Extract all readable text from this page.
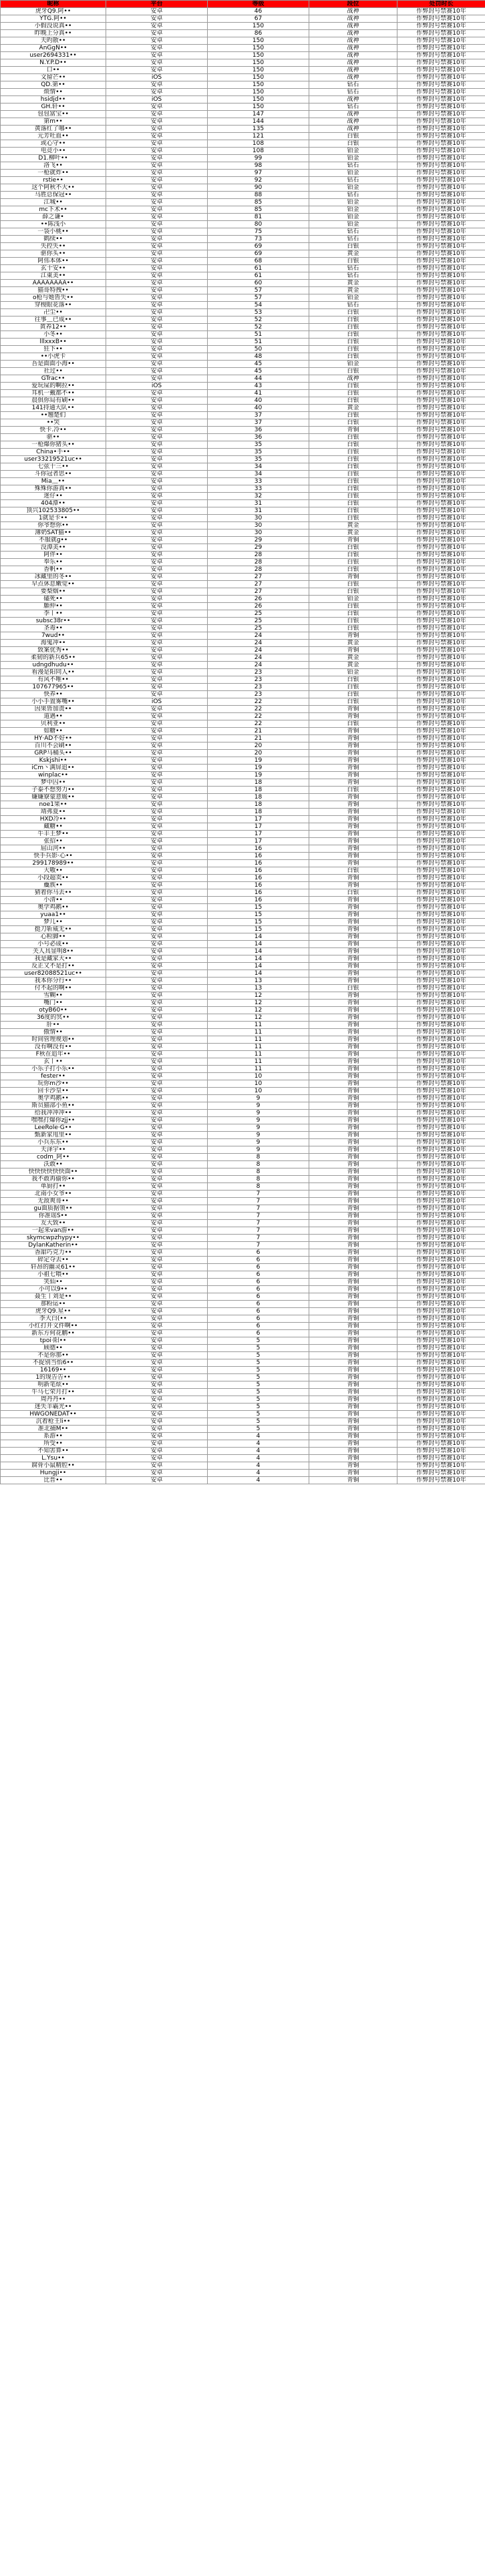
昵称	平台	等级	段位	处罚时长
虎牙Q9.阿••	安卓	46	战神	作弊封号禁赛10年
YTG.阿••	安卓	67	战神	作弊封号禁赛10年
小假没说真••	安卓	150	战神	作弊封号禁赛10年
昨晚上分真••	安卓	86	战神	作弊封号禁赛10年
天旳散••	安卓	150	战神	作弊封号禁赛10年
AnGgN••	安卓	150	战神	作弊封号禁赛10年
user2694331••	安卓	150	战神	作弊封号禁赛10年
N.Y.P.D••	安卓	150	战神	作弊封号禁赛10年
口••	安卓	150	战神	作弊封号禁赛10年
文留芒••	iOS	150	战神	作弊封号禁赛10年
QD.第••	安卓	150	钻石	作弊封号禁赛10年
烦情••	安卓	150	钻石	作弊封号禁赛10年
hsidjd••	iOS	150	战神	作弊封号禁赛10年
GH.轩••	安卓	150	钻石	作弊封号禁赛10年
包包富宝••	安卓	147	战神	作弊封号禁赛10年
第m••	安卓	144	战神	作弊封号禁赛10年
黄落红了哪••	安卓	135	战神	作弊封号禁赛10年
元芳吐血••	安卓	121	白银	作弊封号禁赛10年
或心守••	安卓	108	白银	作弊封号禁赛10年
电竞小••	安卓	108	铂金	作弊封号禁赛10年
D1.柳叶••	安卓	99	铂金	作弊封号禁赛10年
洛飞••	安卓	98	钻石	作弊封号禁赛10年
一枪就炸••	安卓	97	铂金	作弊封号禁赛10年
rstie••	安卓	92	钻石	作弊封号禁赛10年
这个阿秋不大••	安卓	90	铂金	作弊封号禁赛10年
马胜总保冠••	安卓	88	钻石	作弊封号禁赛10年
江城••	安卓	85	铂金	作弊封号禁赛10年
mc下术••	安卓	85	铂金	作弊封号禁赛10年
薛之谦•	安卓	81	铂金	作弊封号禁赛10年
••陈浅小	安卓	80	铂金	作弊封号禁赛10年
一袋小桃••	安卓	75	钻石	作弊封号禁赛10年
鹤续••	安卓	73	钻石	作弊封号禁赛10年
失控失••	安卓	69	白银	作弊封号禁赛10年
驱你头••	安卓	69	黄金	作弊封号禁赛10年
阿伟本体••	安卓	68	白银	作弊封号禁赛10年
玄十安••	安卓	61	钻石	作弊封号禁赛10年
江東美••	安卓	61	钻石	作弊封号禁赛10年
AAAAAAAA••	安卓	60	黄金	作弊封号禁赛10年
猫哥特拽••	安卓	57	黄金	作弊封号禁赛10年
o枪与她皆失••	安卓	57	铂金	作弊封号禁赛10年
穿梭眼花落••	安卓	54	钻石	作弊封号禁赛10年
卍尘••	安卓	53	白银	作弊封号禁赛10年
往事﹏已成••	安卓	52	白银	作弊封号禁赛10年
黄养12••	安卓	52	白银	作弊封号禁赛10年
小冬••	安卓	51	白银	作弊封号禁赛10年
lllxxxB••	安卓	51	白银	作弊封号禁赛10年
狂下••	安卓	50	白银	作弊封号禁赛10年
••小虎卡	安卓	48	白银	作弊封号禁赛10年
吾是面面小海••	安卓	45	铂金	作弊封号禁赛10年
社过••	安卓	45	白银	作弊封号禁赛10年
GTrac••	安卓	44	战神	作弊封号禁赛10年
爱玩屎的啊拉••	iOS	43	白银	作弊封号禁赛10年
耳机一戴都不••	安卓	41	白银	作弊封号禁赛10年
晨俱你局有刷••	安卓	40	白银	作弊封号禁赛10年
141持通大队••	安卓	40	黄金	作弊封号禁赛10年
••翘楚们	安卓	37	白银	作弊封号禁赛10年
••哭	安卓	37	白银	作弊封号禁赛10年
快卡.冷••	安卓	36	青铜	作弊封号禁赛10年
驱••	安卓	36	白银	作弊封号禁赛10年
一枪爆你猪头••	安卓	35	白银	作弊封号禁赛10年
China•手••	安卓	35	白银	作弊封号禁赛10年
user33219521uc••	安卓	35	白银	作弊封号禁赛10年
七弦十三••	安卓	34	白银	作弊封号禁赛10年
斗你冠者思••	安卓	34	白银	作弊封号禁赛10年
Mia﹏••	安卓	33	白银	作弊封号禁赛10年
殊殊你游真••	安卓	33	白银	作弊封号禁赛10年
迷仔••	安卓	32	白银	作弊封号禁赛10年
404潭••	安卓	31	白银	作弊封号禁赛10年
顶兴102533805••	安卓	31	白银	作弊封号禁赛10年
1就是卡••	安卓	30	白银	作弊封号禁赛10年
你爷想你••	安卓	30	黄金	作弊封号禁赛10年
薄奶SAT猫••	安卓	30	黄金	作弊封号禁赛10年
不服就g••	安卓	29	青铜	作弊封号禁赛10年
没潭美••	安卓	29	白银	作弊封号禁赛10年
阿伴••	安卓	28	白银	作弊封号禁赛10年
奉乐••	安卓	28	白银	作弊封号禁赛10年
香帆••	安卓	28	白银	作弊封号禁赛10年
冰藏里的冬••	安卓	27	青铜	作弊封号禁赛10年
早点休息嫩觉••	安卓	27	白银	作弊封号禁赛10年
要梨烟••	安卓	27	白银	作弊封号禁赛10年
磕死••	安卓	26	铂金	作弊封号禁赛10年
願仲••	安卓	26	白银	作弊封号禁赛10年
李丨••	安卓	25	白银	作弊封号禁赛10年
subsc38r••	安卓	25	白银	作弊封号禁赛10年
圣毒••	安卓	25	白银	作弊封号禁赛10年
7wud••	安卓	24	青铜	作弊封号禁赛10年
海鬼冲••	安卓	24	黄金	作弊封号禁赛10年
致案优秀••	安卓	24	青铜	作弊封号禁赛10年
柔韧的新兵65••	安卓	24	黄金	作弊封号禁赛10年
udngdhudu••	安卓	24	黄金	作弊封号禁赛10年
看漫是阳同人••	安卓	23	铂金	作弊封号禁赛10年
有风不唯••	安卓	23	白银	作弊封号禁赛10年
107677965••	安卓	23	白银	作弊封号禁赛10年
快养••	安卓	23	白银	作弊封号禁赛10年
小小手置雾嘴••	iOS	22	白银	作弊封号禁赛10年
因果皆加责••	安卓	22	青铜	作弊封号禁赛10年
道遇••	安卓	22	青铜	作弊封号禁赛10年
贝利亚••	安卓	22	白银	作弊封号禁赛10年
如糖••	安卓	21	青铜	作弊封号禁赛10年
HY·AD不好••	安卓	21	青铜	作弊封号禁赛10年
百川不会刷••	安卓	20	青铜	作弊封号禁赛10年
GRP马桶头••	安卓	20	青铜	作弊封号禁赛10年
Kskjshi••	安卓	19	青铜	作弊封号禁赛10年
iCm丶满屏追••	安卓	19	青铜	作弊封号禁赛10年
winplac••	安卓	19	青铜	作弊封号禁赛10年
梦中囚••	安卓	18	青铜	作弊封号禁赛10年
子泰不想努力••	安卓	18	白银	作弊封号禁赛10年
嫌嫌寮蒙意媛••	安卓	18	青铜	作弊封号禁赛10年
noe1果••	安卓	18	青铜	作弊封号禁赛10年
靖弗夏••	安卓	18	青铜	作弊封号禁赛10年
HXD冷••	安卓	17	青铜	作弊封号禁赛10年
藏糖••	安卓	17	青铜	作弊封号禁赛10年
牛丰王梦••	安卓	17	青铜	作弊封号禁赛10年
张招••	安卓	17	青铜	作弊封号禁赛10年
屈山河••	安卓	16	青铜	作弊封号禁赛10年
快手兵影·心••	安卓	16	青铜	作弊封号禁赛10年
299178989••	安卓	16	青铜	作弊封号禁赛10年
大嗷••	安卓	16	白银	作弊封号禁赛10年
小段超卖••	安卓	16	青铜	作弊封号禁赛10年
蘪族••	安卓	16	青铜	作弊封号禁赛10年
猜着你马去••	安卓	16	白银	作弊封号禁赛10年
小清••	安卓	16	青铜	作弊封号禁赛10年
奥学鸡鹅••	安卓	15	青铜	作弊封号禁赛10年
yuaa1••	安卓	15	青铜	作弊封号禁赛10年
梦几••	安卓	15	青铜	作弊封号禁赛10年
挺刀斩威无••	安卓	15	青铜	作弊封号禁赛10年
心粒脚••	安卓	14	青铜	作弊封号禁赛10年
小号必成••	安卓	14	青铜	作弊封号禁赛10年
关人具显明8••	安卓	14	青铜	作弊封号禁赛10年
我是藏家大••	安卓	14	青铜	作弊封号禁赛10年
反正又不是打••	安卓	14	青铜	作弊封号禁赛10年
user82088521uc••	安卓	14	青铜	作弊封号禁赛10年
我本你分行••	安卓	13	青铜	作弊封号禁赛10年
付不起的啊••	安卓	13	白银	作弊封号禁赛10年
雪糊••	安卓	12	青铜	作弊封号禁赛10年
嘴门••	安卓	12	青铜	作弊封号禁赛10年
otyB60••	安卓	12	青铜	作弊封号禁赛10年
36度的冥••	安卓	12	青铜	作弊封号禁赛10年
肝••	安卓	11	青铜	作弊封号禁赛10年
傲情••	安卓	11	青铜	作弊封号禁赛10年
时间管理规划••	安卓	11	青铜	作弊封号禁赛10年
没有啊没有••	安卓	11	青铜	作弊封号禁赛10年
F秋在追年••	安卓	11	青铜	作弊封号禁赛10年
玄丨••	安卓	11	青铜	作弊封号禁赛10年
小乐子打小乐••	安卓	11	青铜	作弊封号禁赛10年
fester••	安卓	10	青铜	作弊封号禁赛10年
玩你m沙••	安卓	10	青铜	作弊封号禁赛10年
回卡沙皇••	安卓	10	青铜	作弊封号禁赛10年
奥学鸡鹅••	安卓	9	青铜	作弊封号禁赛10年
斯员猫部小鱼••	安卓	9	青铜	作弊封号禁赛10年
给我冲冲冲••	安卓	9	青铜	作弊封号禁赛10年
嘿嘿打爆你zjj••	安卓	9	青铜	作弊封号禁赛10年
LeeRole·G••	安卓	9	青铜	作弊封号禁赛10年
甄新家甩里••	安卓	9	青铜	作弊封号禁赛10年
小兵东东••	安卓	9	青铜	作弊封号禁赛10年
天泽宇••	安卓	9	青铜	作弊封号禁赛10年
codm_阿••	安卓	8	青铜	作弊封号禁赛10年
沃敢••	安卓	8	青铜	作弊封号禁赛10年
快快快快快快面••	安卓	8	青铜	作弊封号禁赛10年
我不敢再偷你••	安卓	8	青铜	作弊封号禁赛10年
单厨打••	安卓	8	青铜	作弊封号禁赛10年
北南小女爷••	安卓	7	青铜	作弊封号禁赛10年
无敌爽哥••	安卓	7	青铜	作弊封号禁赛10年
gu面质据领••	安卓	7	青铜	作弊封号禁赛10年
你准谣S••	安卓	7	青铜	作弊封号禁赛10年
友大致••	安卓	7	青铜	作弊封号禁赛10年
一起来van游••	安卓	7	青铜	作弊封号禁赛10年
skymcwpzhypy••	安卓	7	青铜	作弊封号禁赛10年
DylanKatherin••	安卓	7	青铜	作弊封号禁赛10年
香甜巧克力••	安卓	6	青铜	作弊封号禁赛10年
碎定夺去••	安卓	6	青铜	作弊封号禁赛10年
轩昂的幽灵61••	安卓	6	青铜	作弊封号禁赛10年
小祖七喂••	安卓	6	青铜	作弊封号禁赛10年
笑仙••	安卓	6	青铜	作弊封号禁赛10年
小可以9••	安卓	6	青铜	作弊封号禁赛10年
聂生丨刘是••	安卓	6	青铜	作弊封号禁赛10年
那粉运••	安卓	6	青铜	作弊封号禁赛10年
虎牙Q9.星••	安卓	6	青铜	作弊封号禁赛10年
李大白(••	安卓	6	青铜	作弊封号禁赛10年
小红打开文件啊••	安卓	6	青铜	作弊封号禁赛10年
新东方何花鹏••	安卓	6	青铜	作弊封号禁赛10年
tpoi·阳••	安卓	5	青铜	作弊封号禁赛10年
顾德••	安卓	5	青铜	作弊封号禁赛10年
不是你那••	安卓	5	青铜	作弊封号禁赛10年
不捉别当怡6••	安卓	5	青铜	作弊封号禁赛10年
16169••	安卓	5	青铜	作弊封号禁赛10年
1的现告告••	安卓	5	青铜	作弊封号禁赛10年
明新笔炫••	安卓	5	青铜	作弊封号禁赛10年
牛马七荣月打••	安卓	5	青铜	作弊封号禁赛10年
周丹丹••	安卓	5	青铜	作弊封号禁赛10年
迷失羊霸光••	安卓	5	青铜	作弊封号禁赛10年
HWGONEDAT••	安卓	5	青铜	作弊封号禁赛10年
沉着枪王li••	安卓	5	青铜	作弊封号禁赛10年
准北捕M••	安卓	5	青铜	作弊封号禁赛10年
系游••	安卓	4	青铜	作弊封号禁赛10年
所受••	安卓	4	青铜	作弊封号禁赛10年
不知害算••	安卓	4	青铜	作弊封号禁赛10年
L.Ysu••	安卓	4	青铜	作弊封号禁赛10年
腐骨小鼠精腔••	安卓	4	青铜	作弊封号禁赛10年
Hungji••	安卓	4	青铜	作弊封号禁赛10年
比晋••	安卓	4	青铜	作弊封号禁赛10年
